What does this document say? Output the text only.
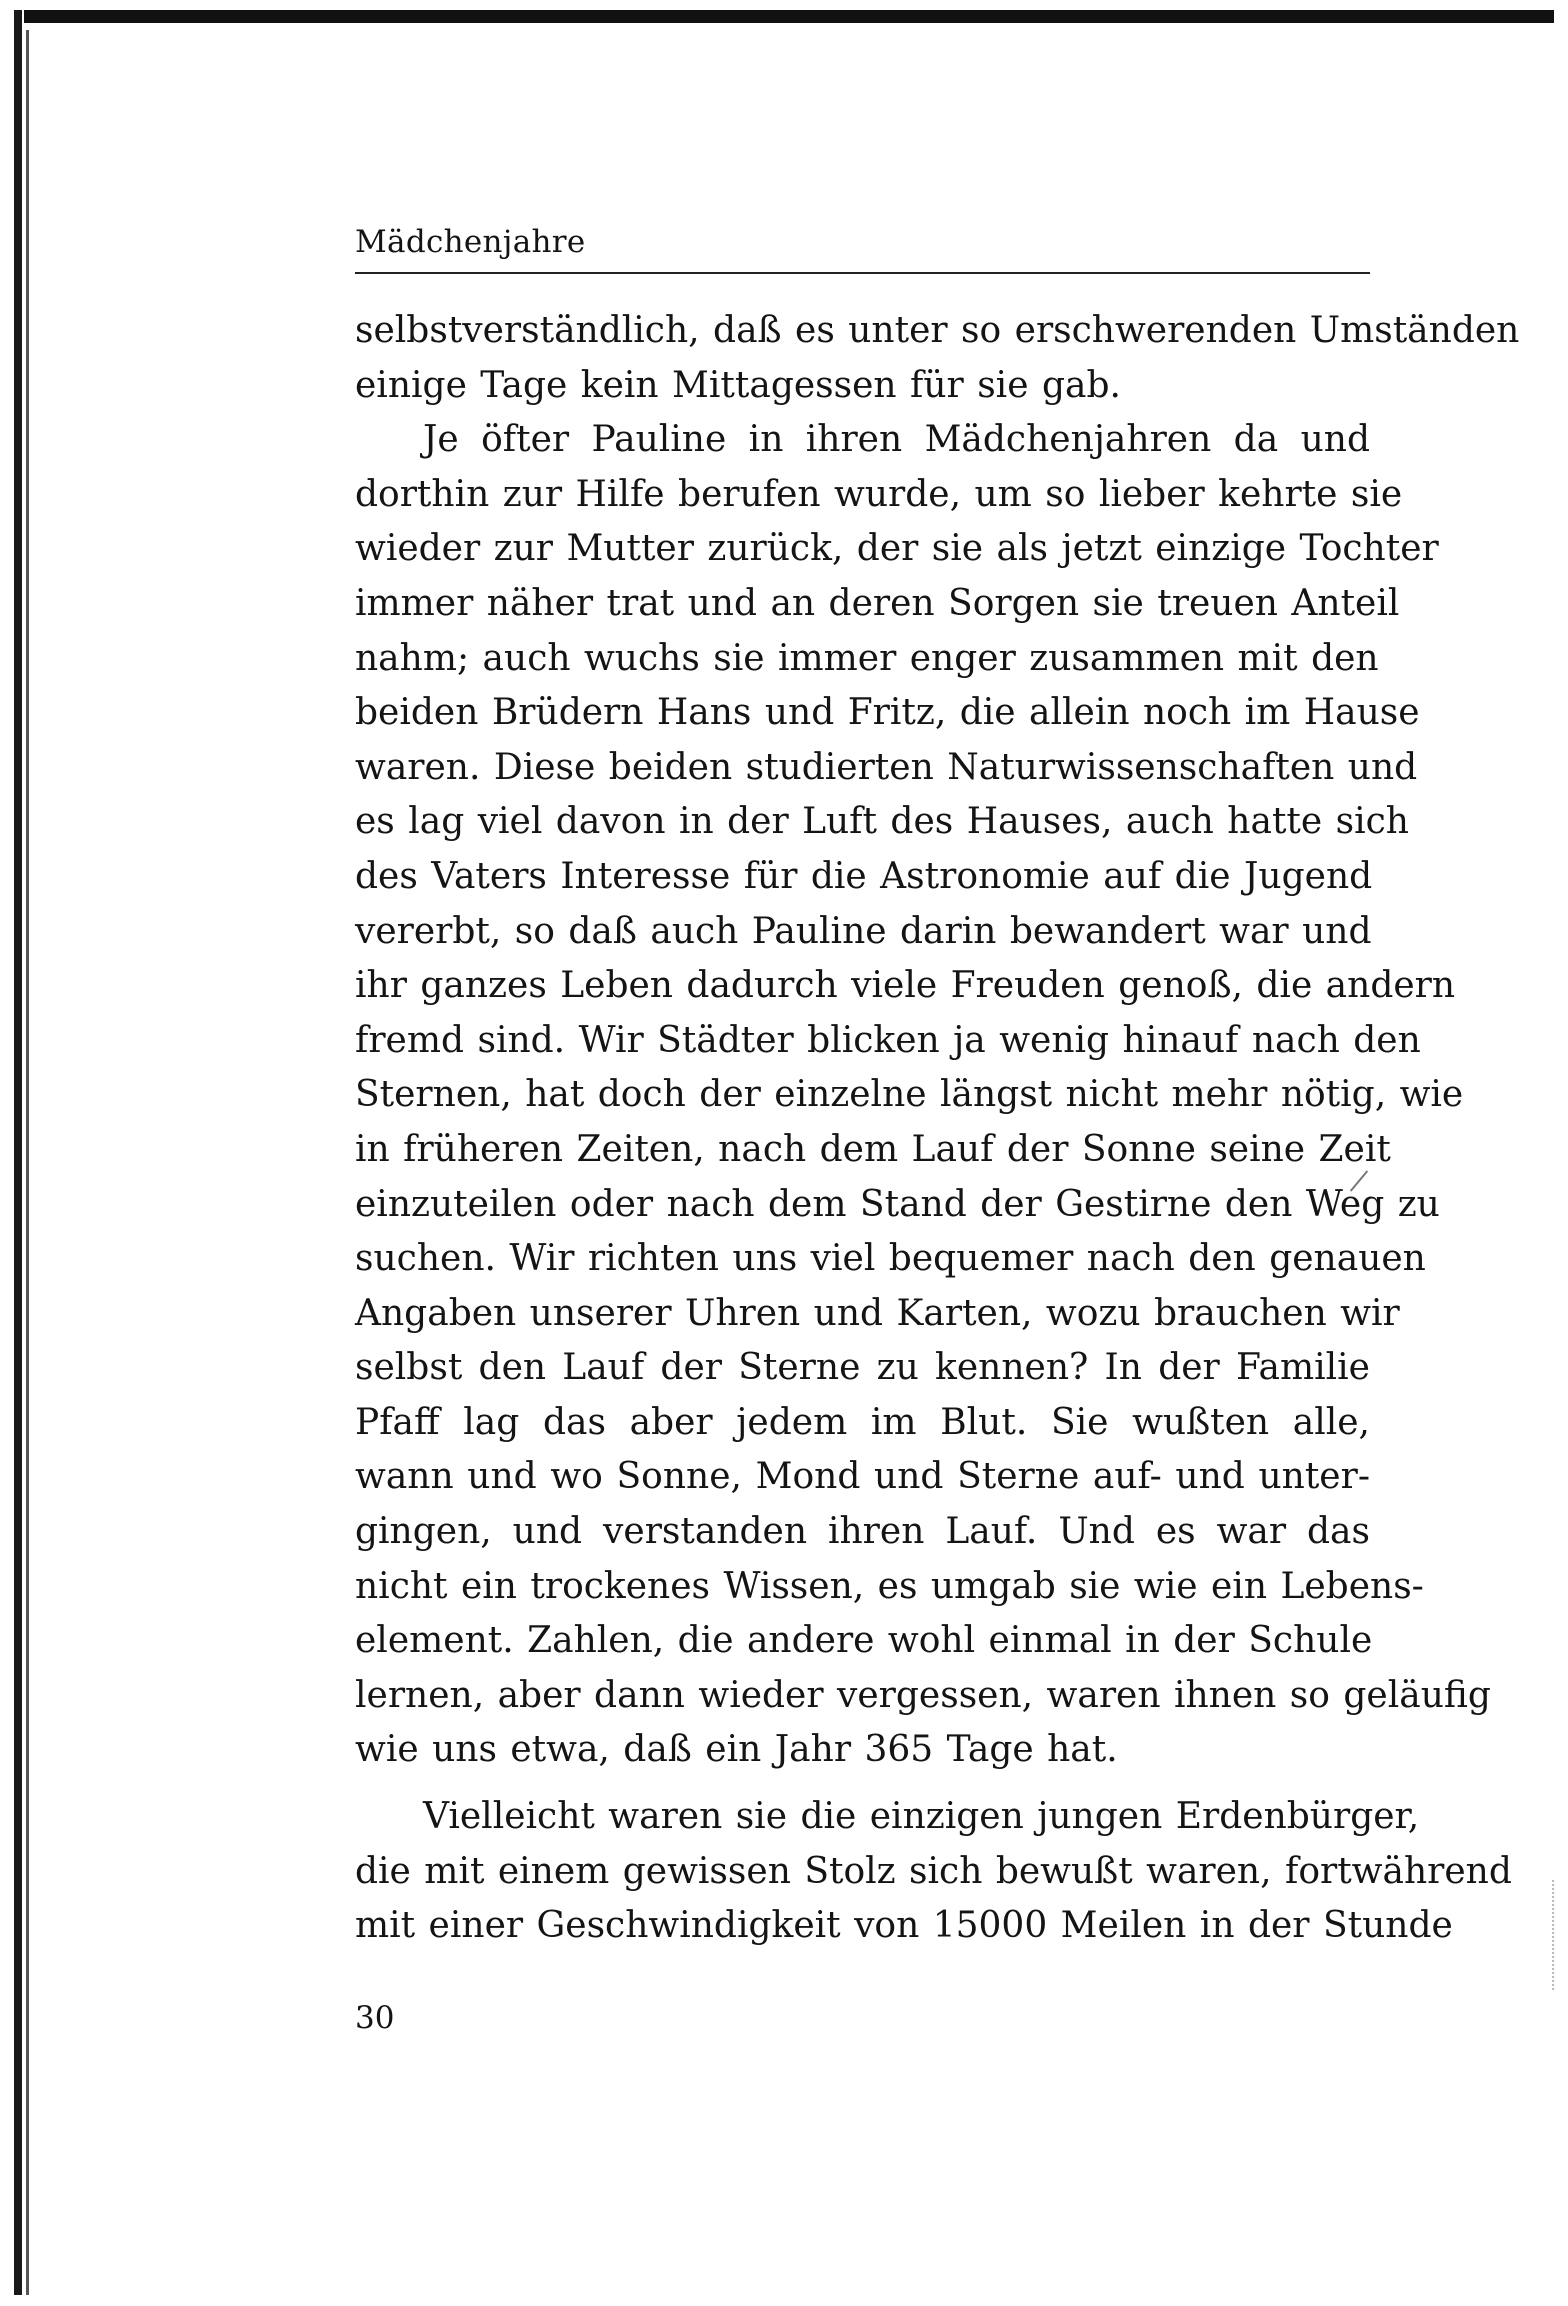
Mädchenjahre
selbstverständlich, daß es unter so erschwerenden Umständen
einige Tage kein Mittagessen für sie gab.
Je öfter Pauline in ihren Mädchenjahren da und
dorthin zur Hilfe berufen wurde, um so lieber kehrte sie
wieder zur Mutter zurück, der sie als jetzt einzige Tochter
immer näher trat und an deren Sorgen sie treuen Anteil
nahm; auch wuchs sie immer enger zusammen mit den
beiden Brüdern Hans und Fritz, die allein noch im Hause
waren. Diese beiden studierten Naturwissenschaften und
es lag viel davon in der Luft des Hauses, auch hatte sich
des Vaters Interesse für die Astronomie auf die Jugend
vererbt, so daß auch Pauline darin bewandert war und
ihr ganzes Leben dadurch viele Freuden genoß, die andern
fremd sind. Wir Städter blicken ja wenig hinauf nach den
Sternen, hat doch der einzelne längst nicht mehr nötig, wie
in früheren Zeiten, nach dem Lauf der Sonne seine Zeit
einzuteilen oder nach dem Stand der Gestirne den Weg zu
suchen. Wir richten uns viel bequemer nach den genauen
Angaben unserer Uhren und Karten, wozu brauchen wir
selbst den Lauf der Sterne zu kennen? In der Familie
Pfaff lag das aber jedem im Blut. Sie wußten alle,
wann und wo Sonne, Mond und Sterne auf- und unter-
gingen, und verstanden ihren Lauf. Und es war das
nicht ein trockenes Wissen, es umgab sie wie ein Lebens-
element. Zahlen, die andere wohl einmal in der Schule
lernen, aber dann wieder vergessen, waren ihnen so geläufig
wie uns etwa, daß ein Jahr 365 Tage hat.
Vielleicht waren sie die einzigen jungen Erdenbürger,
die mit einem gewissen Stolz sich bewußt waren, fortwährend
mit einer Geschwindigkeit von 15000 Meilen in der Stunde
30
